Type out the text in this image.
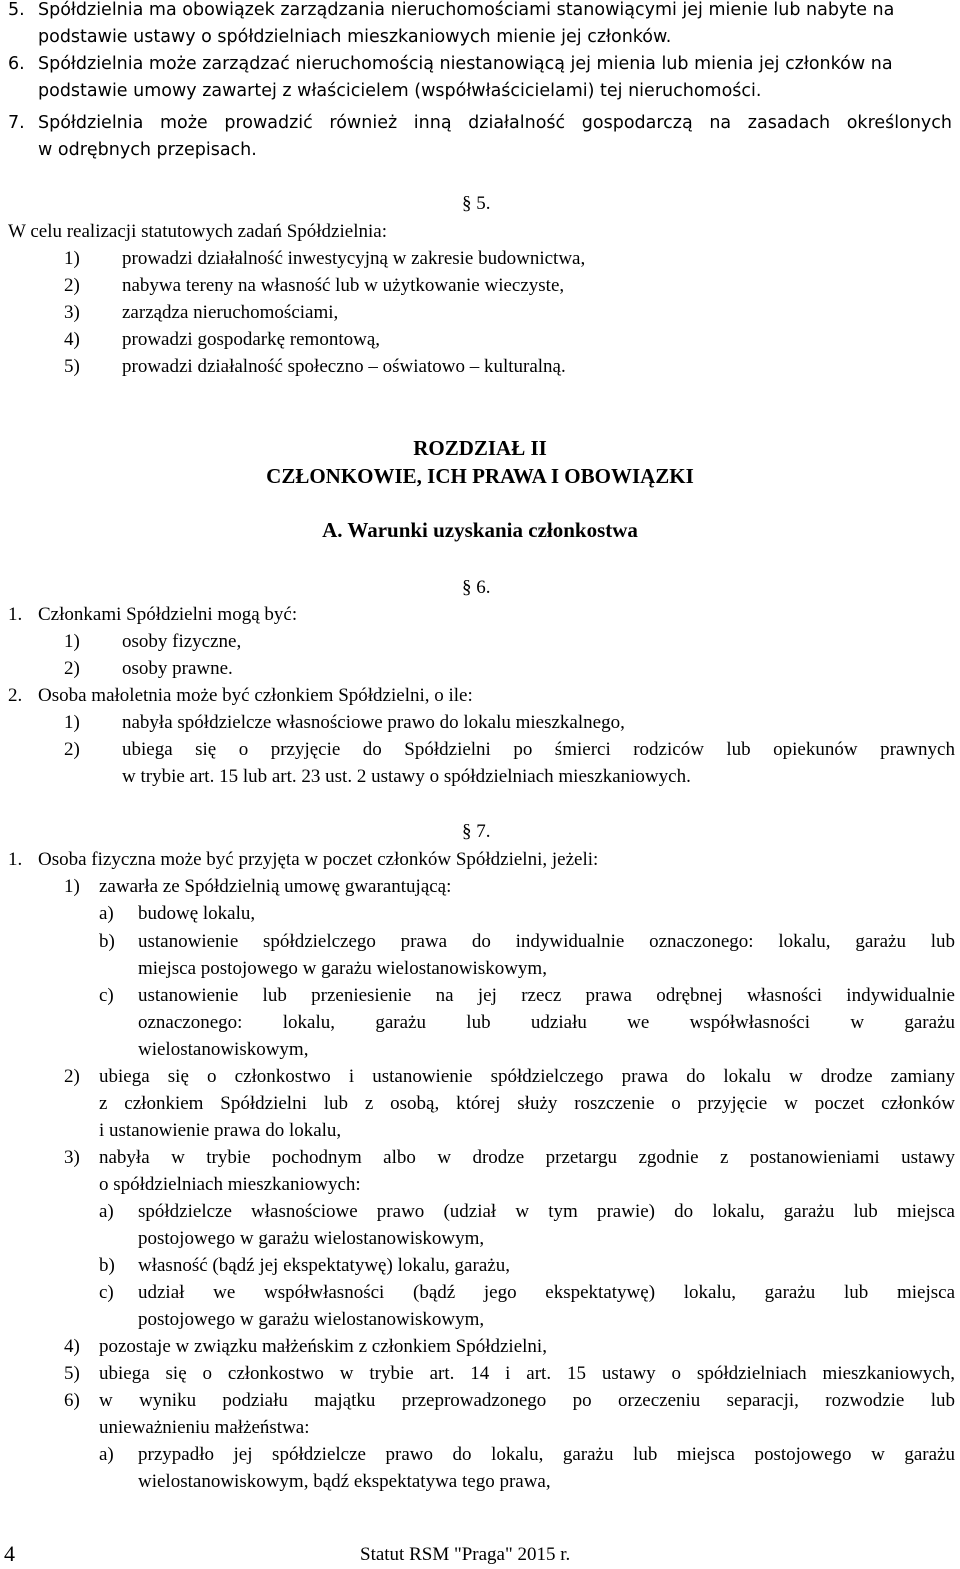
5. Spółdzielnia ma obowiązek zarządzania nieruchomościami stanowiącymi jej mienie lub nabyte na
podstawie ustawy o spółdzielniach mieszkaniowych mienie jej członków.
6. Spółdzielnia może zarządzać nieruchomością niestanowiącą jej mienia lub mienia jej członków na
podstawie umowy zawartej z właścicielem (współwłaścicielami) tej nieruchomości.
7. Spółdzielnia może prowadzić również inną działalność gospodarczą na zasadach określonych
w odrębnych przepisach.
§ 5.
W celu realizacji statutowych zadań Spółdzielnia:
1) prowadzi działalność inwestycyjną w zakresie budownictwa,
2) nabywa tereny na własność lub w użytkowanie wieczyste,
3) zarządza nieruchomościami,
4) prowadzi gospodarkę remontową,
5) prowadzi działalność społeczno – oświatowo – kulturalną.
ROZDZIAŁ II
CZŁONKOWIE, ICH PRAWA I OBOWIĄZKI
A. Warunki uzyskania członkostwa
§ 6.
1. Członkami Spółdzielni mogą być:
1) osoby fizyczne,
2) osoby prawne.
2. Osoba małoletnia może być członkiem Spółdzielni, o ile:
1) nabyła spółdzielcze własnościowe prawo do lokalu mieszkalnego,
2) ubiega się o przyjęcie do Spółdzielni po śmierci rodziców lub opiekunów prawnych
w trybie art. 15 lub art. 23 ust. 2 ustawy o spółdzielniach mieszkaniowych.
§ 7.
1. Osoba fizyczna może być przyjęta w poczet członków Spółdzielni, jeżeli:
1) zawarła ze Spółdzielnią umowę gwarantującą:
a) budowę lokalu,
b) ustanowienie spółdzielczego prawa do indywidualnie oznaczonego: lokalu, garażu lub
miejsca postojowego w garażu wielostanowiskowym,
c) ustanowienie lub przeniesienie na jej rzecz prawa odrębnej własności indywidualnie
oznaczonego: lokalu, garażu lub udziału we współwłasności w garażu
wielostanowiskowym,
2) ubiega się o członkostwo i ustanowienie spółdzielczego prawa do lokalu w drodze zamiany
z członkiem Spółdzielni lub z osobą, której służy roszczenie o przyjęcie w poczet członków
i ustanowienie prawa do lokalu,
3) nabyła w trybie pochodnym albo w drodze przetargu zgodnie z postanowieniami ustawy
o spółdzielniach mieszkaniowych:
a) spółdzielcze własnościowe prawo (udział w tym prawie) do lokalu, garażu lub miejsca
postojowego w garażu wielostanowiskowym,
b) własność (bądź jej ekspektatywę) lokalu, garażu,
c) udział we współwłasności (bądź jego ekspektatywę) lokalu, garażu lub miejsca
postojowego w garażu wielostanowiskowym,
4) pozostaje w związku małżeńskim z członkiem Spółdzielni,
5) ubiega się o członkostwo w trybie art. 14 i art. 15 ustawy o spółdzielniach mieszkaniowych,
6) w wyniku podziału majątku przeprowadzonego po orzeczeniu separacji, rozwodzie lub
unieważnieniu małżeństwa:
a) przypadło jej spółdzielcze prawo do lokalu, garażu lub miejsca postojowego w garażu
wielostanowiskowym, bądź ekspektatywa tego prawa,
4	Statut RSM "Praga" 2015 r.
